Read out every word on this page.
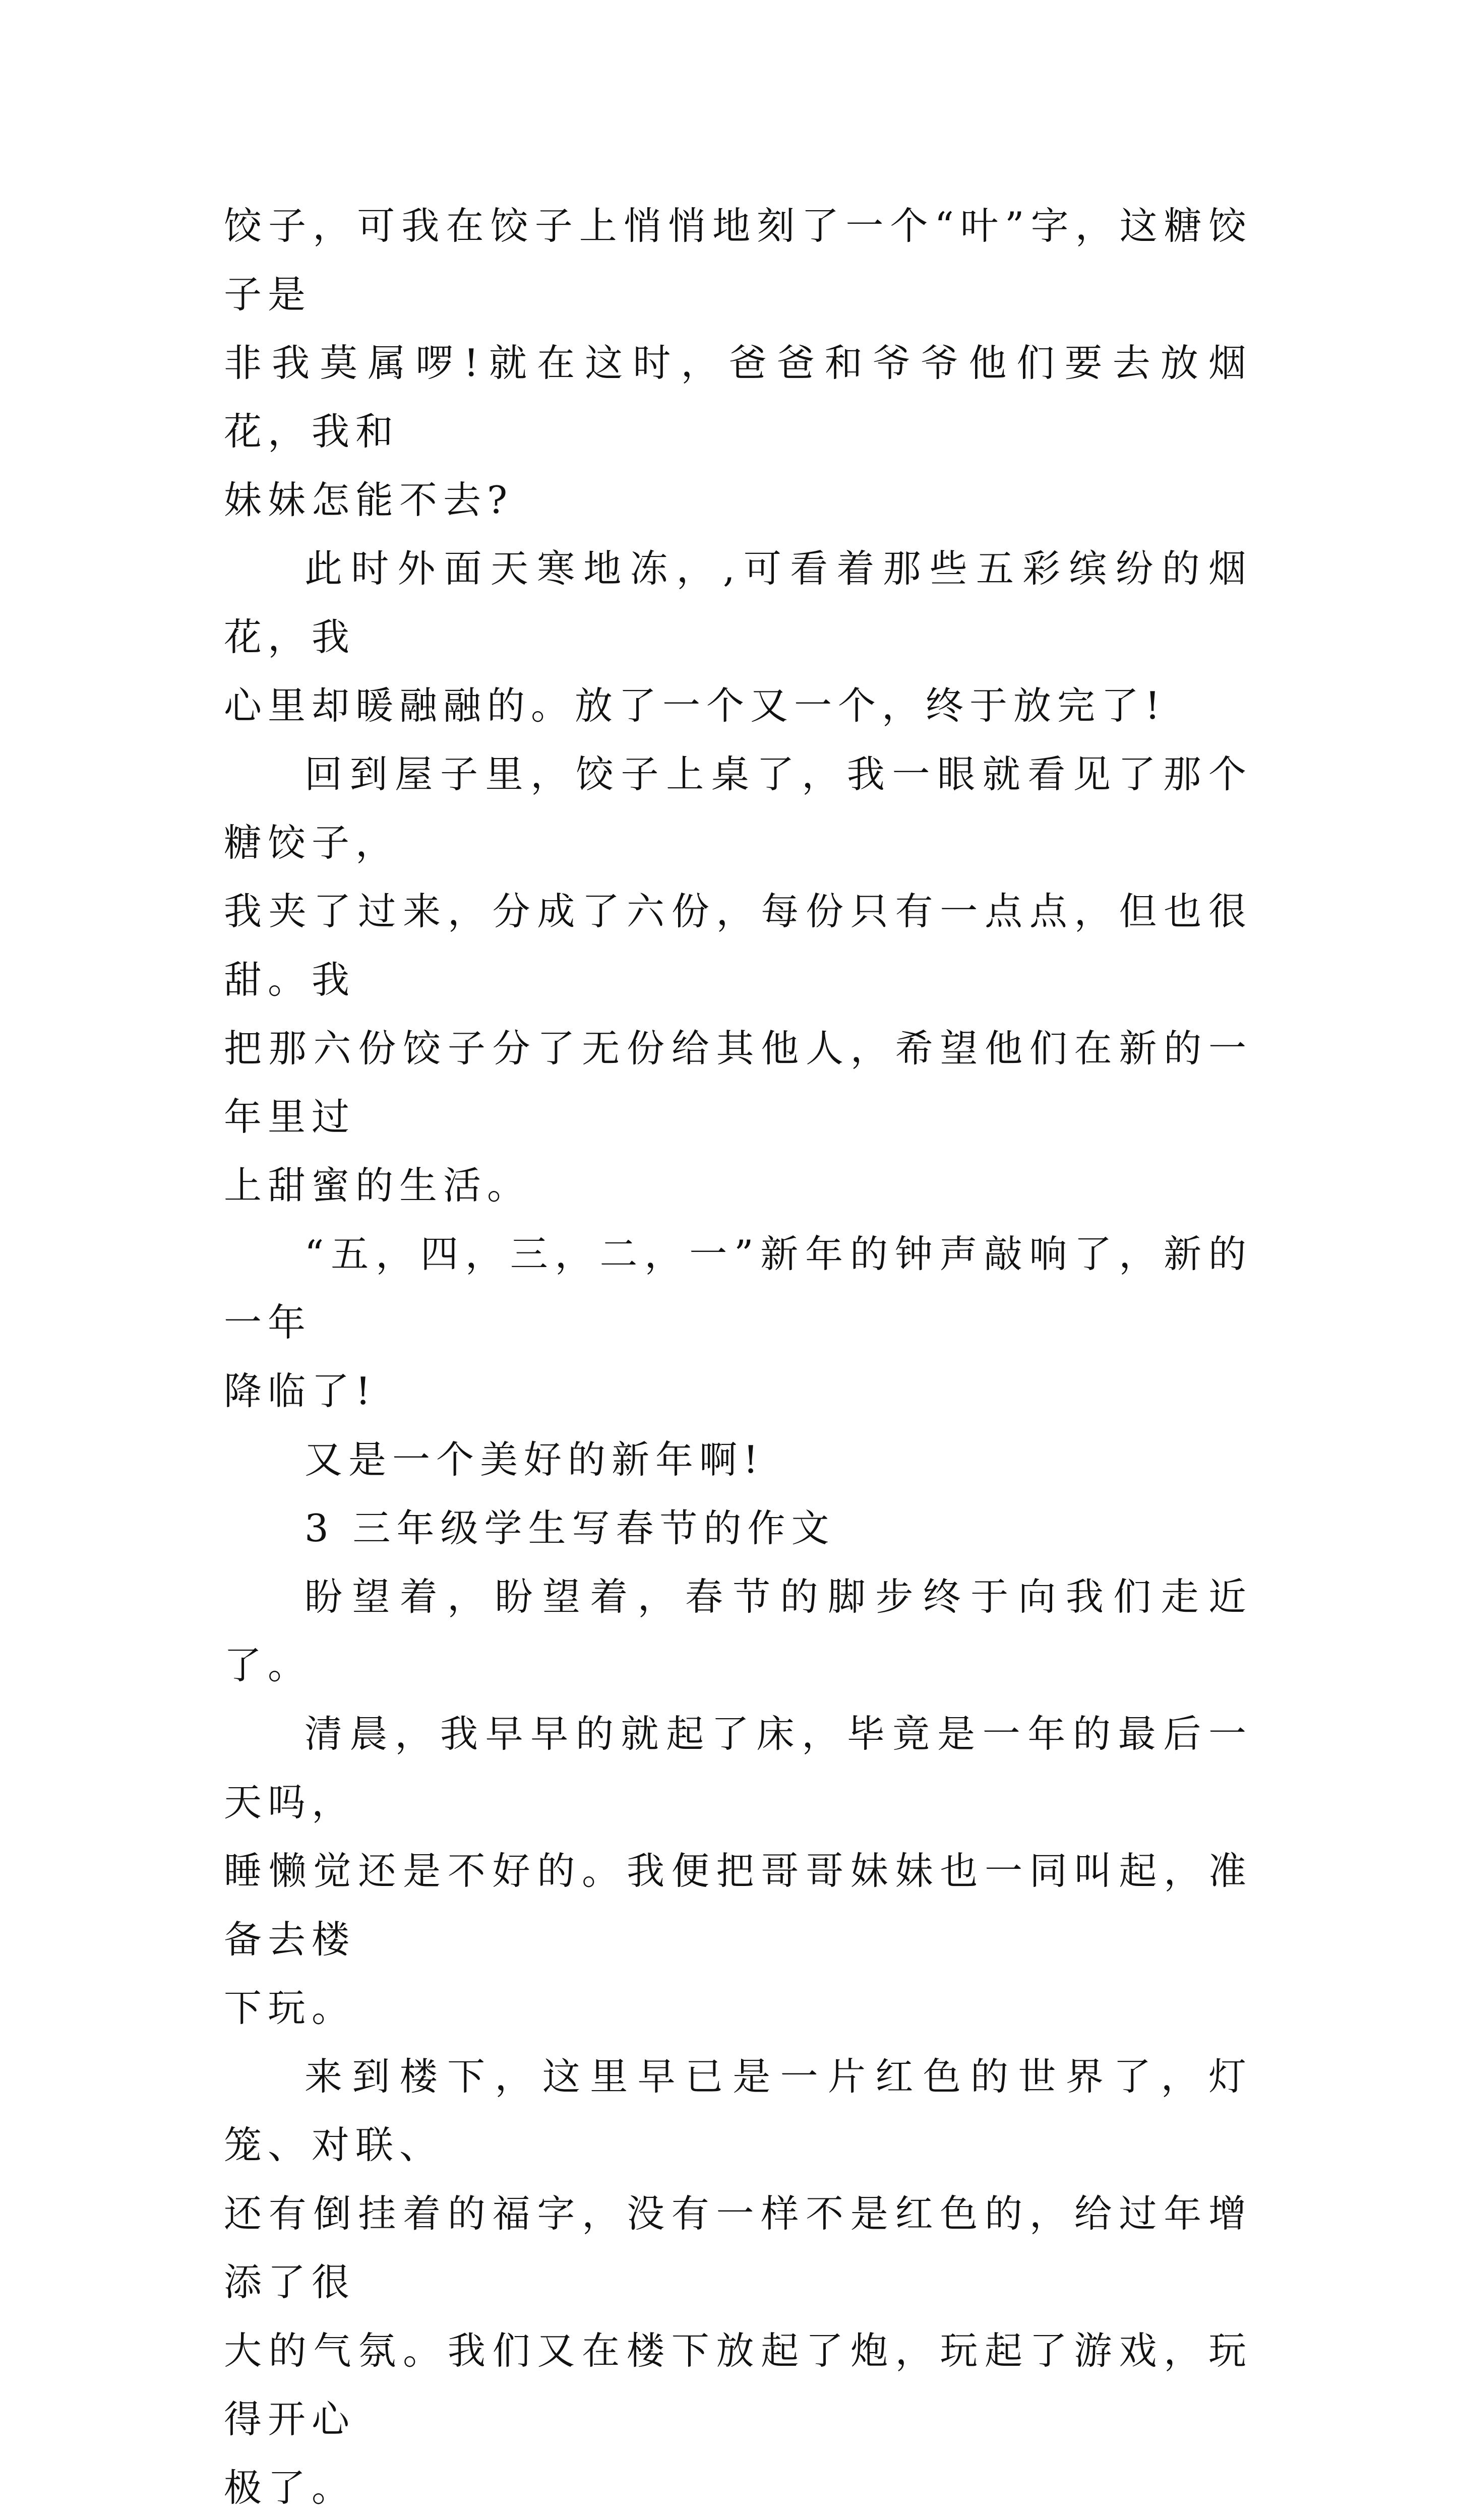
饺子，可我在饺子上悄悄地刻了一个“叶”字，这糖饺子是
非我莫属啰!就在这时，爸爸和爷爷他们要去放烟花，我和
妹妹怎能不去?

此时外面天寒地冻，,可看着那些五彩缤纷的烟花，我
心里却暖融融的。放了一个又一个，终于放完了!

回到屋子里，饺子上桌了，我一眼就看见了那个糖饺子，
我夹了过来，分成了六份，每份只有一点点，但也很甜。我
把那六份饺子分了无份给其他人，希望他们在新的一年里过
上甜蜜的生活。

“五，四，三，二，一”新年的钟声敲响了，新的一年
降临了!

又是一个美好的新年啊!

3 三年级学生写春节的作文

盼望着，盼望着，春节的脚步终于向我们走近了。

清晨，我早早的就起了床，毕竟是一年的最后一天吗，
睡懒觉还是不好的。我便把哥哥妹妹也一同叫起，准备去楼
下玩。

来到楼下，这里早已是一片红色的世界了，灯笼、对联、
还有倒挂着的福字，没有一样不是红色的，给过年增添了很
大的气氛。我们又在楼下放起了炮，玩起了游戏，玩得开心
极了。
